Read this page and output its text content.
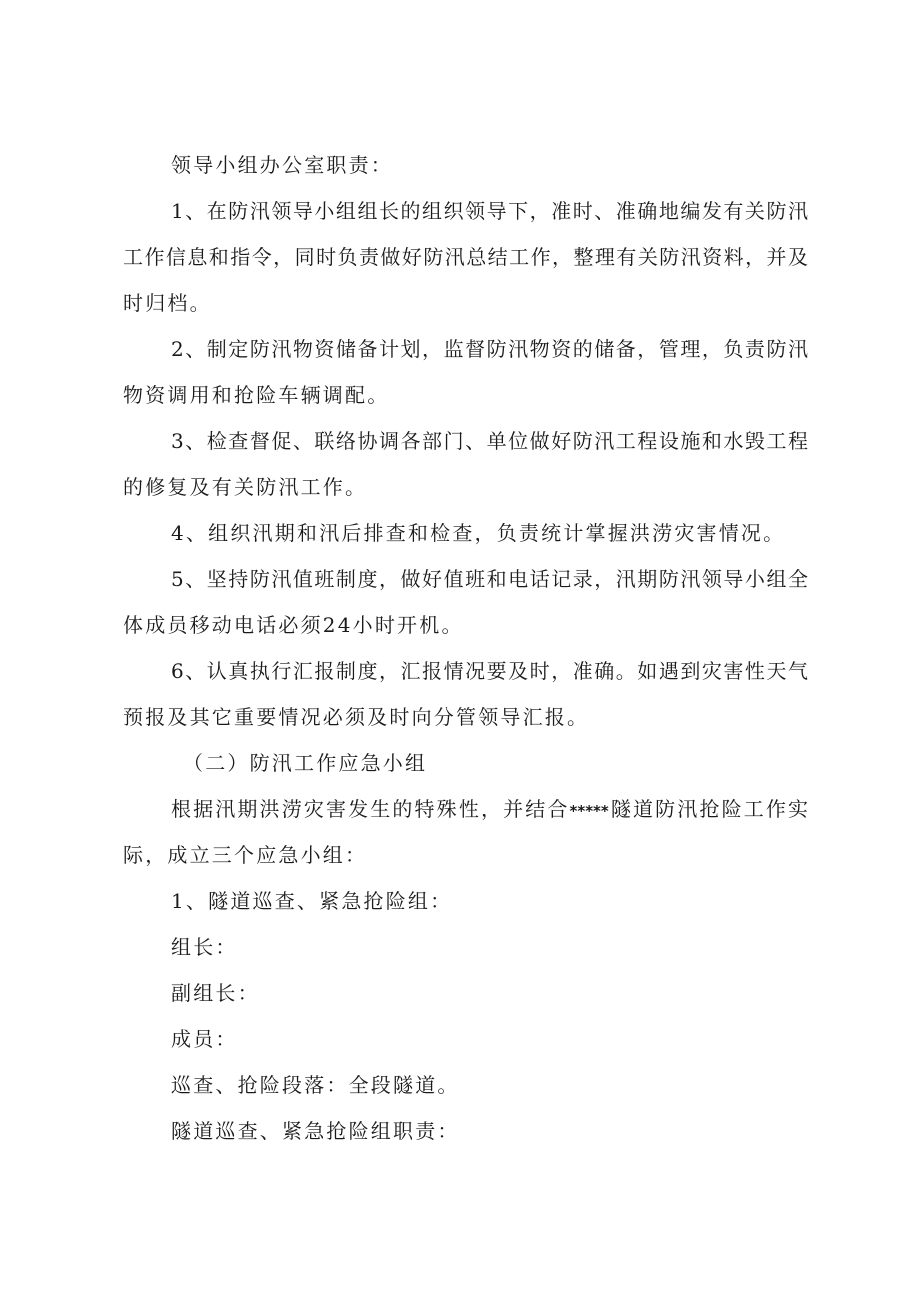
领导小组办公室职责：
1、在防汛领导小组组长的组织领导下，准时、准确地编发有关防汛
工作信息和指令，同时负责做好防汛总结工作，整理有关防汛资料，并及
时归档。
2、制定防汛物资储备计划，监督防汛物资的储备，管理，负责防汛
物资调用和抢险车辆调配。
3、检查督促、联络协调各部门、单位做好防汛工程设施和水毁工程
的修复及有关防汛工作。
4、组织汛期和汛后排查和检查，负责统计掌握洪涝灾害情况。
5、坚持防汛值班制度，做好值班和电话记录，汛期防汛领导小组全
体成员移动电话必须24小时开机。
6、认真执行汇报制度，汇报情况要及时，准确。如遇到灾害性天气
预报及其它重要情况必须及时向分管领导汇报。
（二）防汛工作应急小组
根据汛期洪涝灾害发生的特殊性，并结合*****隧道防汛抢险工作实
际，成立三个应急小组：
1、隧道巡查、紧急抢险组：
组长：
副组长：
成员：
巡查、抢险段落：全段隧道。
隧道巡查、紧急抢险组职责：
